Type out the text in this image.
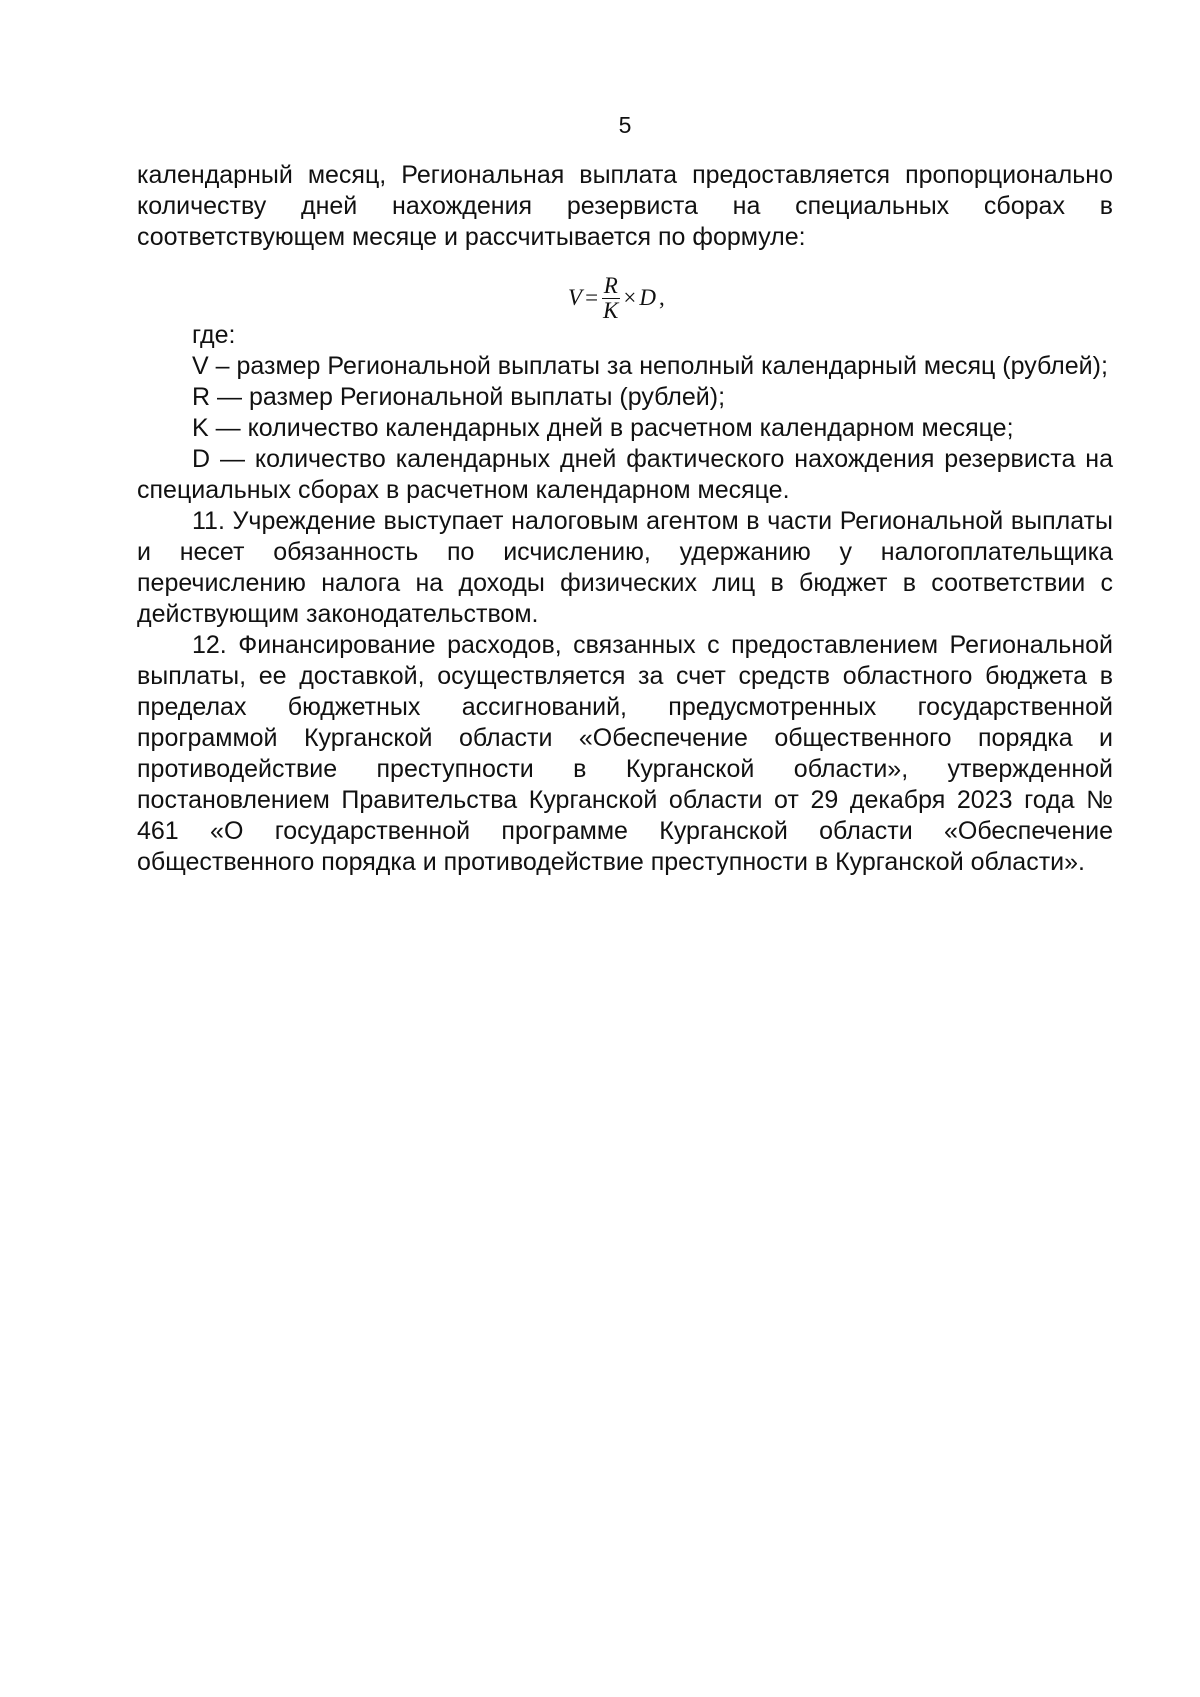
5

календарный месяц, Региональная выплата предоставляется пропорционально количеству дней нахождения резервиста на специальных сборах в соответствующем месяце и рассчитывается по формуле:

$V = \frac{R}{K} \times D$ ,

где:

V – размер Региональной выплаты за неполный календарный месяц (рублей);

R — размер Региональной выплаты (рублей);

K — количество календарных дней в расчетном календарном месяце;

D — количество календарных дней фактического нахождения резервиста на специальных сборах в расчетном календарном месяце.

11. Учреждение выступает налоговым агентом в части Региональной выплаты и несет обязанность по исчислению, удержанию у налогоплательщика перечислению налога на доходы физических лиц в бюджет в соответствии с действующим законодательством.

12. Финансирование расходов, связанных с предоставлением Региональной выплаты, ее доставкой, осуществляется за счет средств областного бюджета в пределах бюджетных ассигнований, предусмотренных государственной программой Курганской области «Обеспечение общественного порядка и противодействие преступности в Курганской области», утвержденной постановлением Правительства Курганской области от 29 декабря 2023 года № 461 «О государственной программе Курганской области «Обеспечение общественного порядка и противодействие преступности в Курганской области».
